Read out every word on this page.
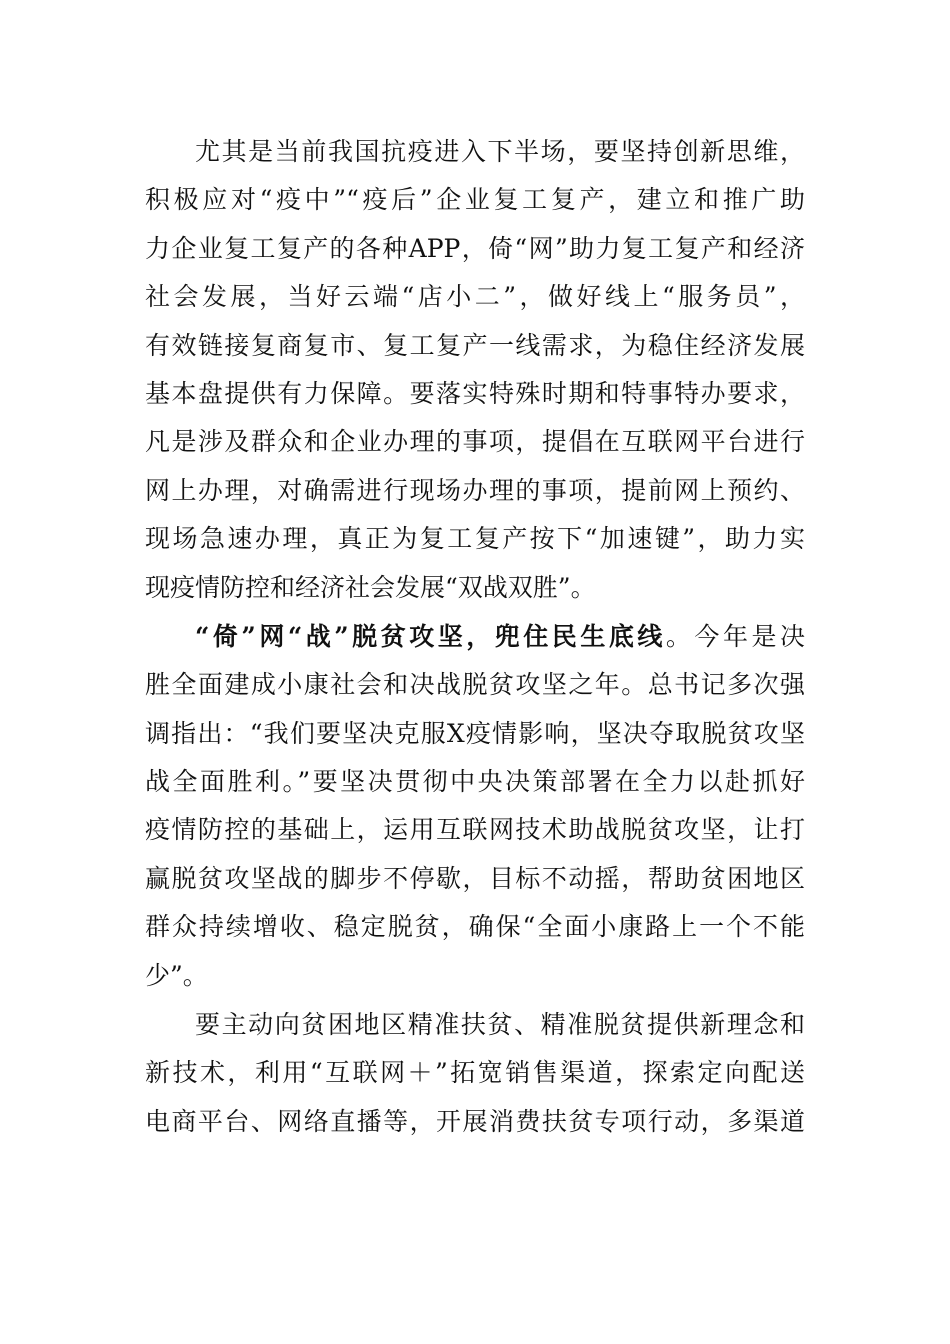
尤其是当前我国抗疫进入下半场，要坚持创新思维，
积极应对“疫中”“疫后”企业复工复产，建立和推广助
力企业复工复产的各种APP，倚“网”助力复工复产和经济
社会发展，当好云端“店小二”，做好线上“服务员”，
有效链接复商复市、复工复产一线需求，为稳住经济发展
基本盘提供有力保障。要落实特殊时期和特事特办要求，
凡是涉及群众和企业办理的事项，提倡在互联网平台进行
网上办理，对确需进行现场办理的事项，提前网上预约、
现场急速办理，真正为复工复产按下“加速键”，助力实
现疫情防控和经济社会发展“双战双胜”。
“倚”网“战”脱贫攻坚，兜住民生底线。今年是决
胜全面建成小康社会和决战脱贫攻坚之年。总书记多次强
调指出：“我们要坚决克服X疫情影响，坚决夺取脱贫攻坚
战全面胜利。”要坚决贯彻中央决策部署在全力以赴抓好
疫情防控的基础上，运用互联网技术助战脱贫攻坚，让打
赢脱贫攻坚战的脚步不停歇，目标不动摇，帮助贫困地区
群众持续增收、稳定脱贫，确保“全面小康路上一个不能
少”。
要主动向贫困地区精准扶贫、精准脱贫提供新理念和
新技术，利用“互联网＋”拓宽销售渠道，探索定向配送
电商平台、网络直播等，开展消费扶贫专项行动，多渠道
